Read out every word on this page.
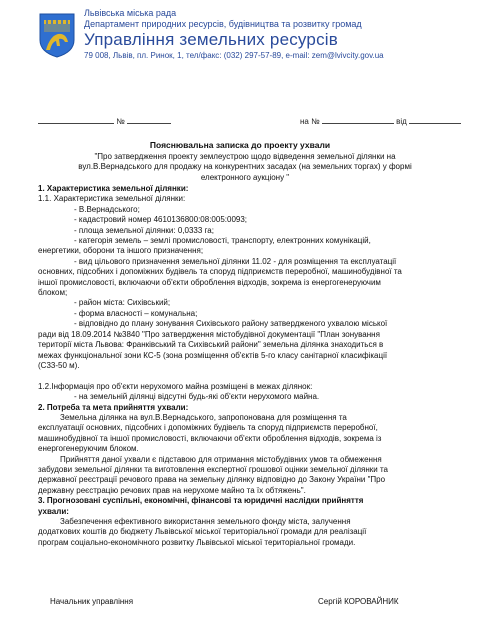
Львівська міська рада
Департамент природних ресурсів, будівництва та розвитку громад
Управління земельних ресурсів
79 008, Львів, пл. Ринок, 1, тел/факс: (032) 297-57-89, e-mail: zem@lvivcity.gov.ua
№	на №	від
Пояснювальна записка до проекту ухвали
"Про затвердження проекту землеустрою щодо відведення земельної ділянки на
вул.В.Вернадського для продажу на конкурентних засадах (на земельних торгах) у формі
електронного аукціону "
1. Характеристика земельної ділянки:
1.1. Характеристика земельної ділянки:
- В.Вернадського;
- кадастровий номер 4610136800:08:005:0093;
- площа земельної ділянки: 0,0333 га;
- категорія земель – землі промисловості, транспорту, електронних комунікацій,
енергетики, оборони та іншого призначення;
- вид цільового призначення земельної ділянки 11.02 - для розміщення та експлуатації
основних, підсобних і допоміжних будівель та споруд підприємств переробної, машинобудівної та
іншої промисловості, включаючи об'єкти оброблення відходів, зокрема із енергогенеруючим
блоком;
- район міста: Сихівський;
- форма власності – комунальна;
- відповідно до плану зонування Сихівського району затвердженого ухвалою міської
ради від 18.09.2014 №3840 "Про затвердження містобудівної документації "План зонування
території міста Львова: Франківський та Сихівський райони" земельна ділянка знаходиться в
межах функціональної зони КС-5 (зона розміщення об'єктів 5-го класу санітарної класифікації
(С33-50 м).

1.2.Інформація про об'єкти нерухомого майна розміщені в межах ділянок:
- на земельній ділянці відсутні будь-які об'єкти нерухомого майна.
2. Потреба та мета прийняття ухвали:
Земельна ділянка на вул.В.Вернадського, запропонована для розміщення та
експлуатації основних, підсобних і допоміжних будівель та споруд підприємств переробної,
машинобудівної та іншої промисловості, включаючи об'єкти оброблення відходів, зокрема із
енергогенеруючим блоком.
Прийняття даної ухвали є підставою для отримання містобудівних умов та обмеження
забудови земельної ділянки та виготовлення експертної грошової оцінки земельної ділянки та
державної реєстрації речового права на земельну ділянку відповідно до Закону України "Про
державну реєстрацію речових прав на нерухоме майно та їх обтяжень".
3. Прогнозовані суспільні, економічні, фінансові та юридичні наслідки прийняття
ухвали:
Забезпечення ефективного використання земельного фонду міста, залучення
додаткових коштів до бюджету Львівської міської територіальної громади для реалізації
програм соціально-економічного розвитку Львівської міської територіальної громади.
Начальник управління	Сергій КОРОВАЙНИК
